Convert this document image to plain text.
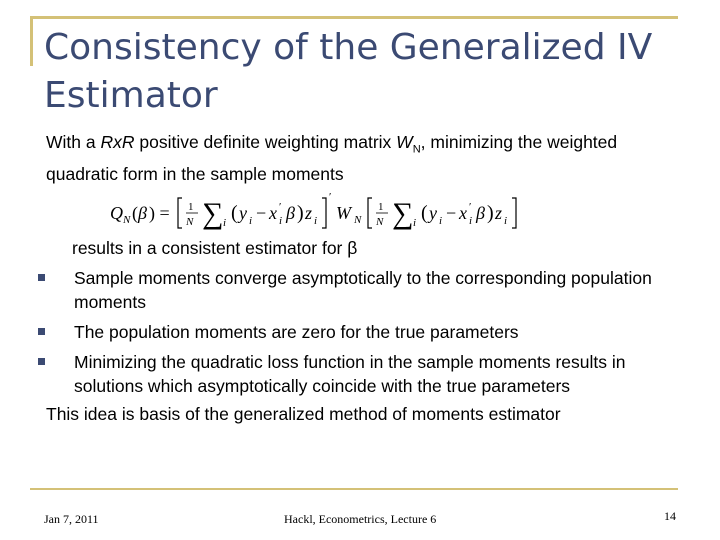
Consistency of the Generalized IV Estimator

With a RxR positive definite weighting matrix $W_N$, minimizing the weighted quadratic form in the sample moments

Q N ( β ) = 1
N ∑ i ( y i − x ′
i β ) z i
′
W N
1
N ∑ i ( y i − x ′
i β ) z i

results in a consistent estimator for β

Sample moments converge asymptotically to the corresponding population moments
The population moments are zero for the true parameters
Minimizing the quadratic loss function in the sample moments results in solutions which asymptotically coincide with the true parameters

This idea is basis of the generalized method of moments estimator

Jan 7, 2011	Hackl, Econometrics, Lecture 6	14
